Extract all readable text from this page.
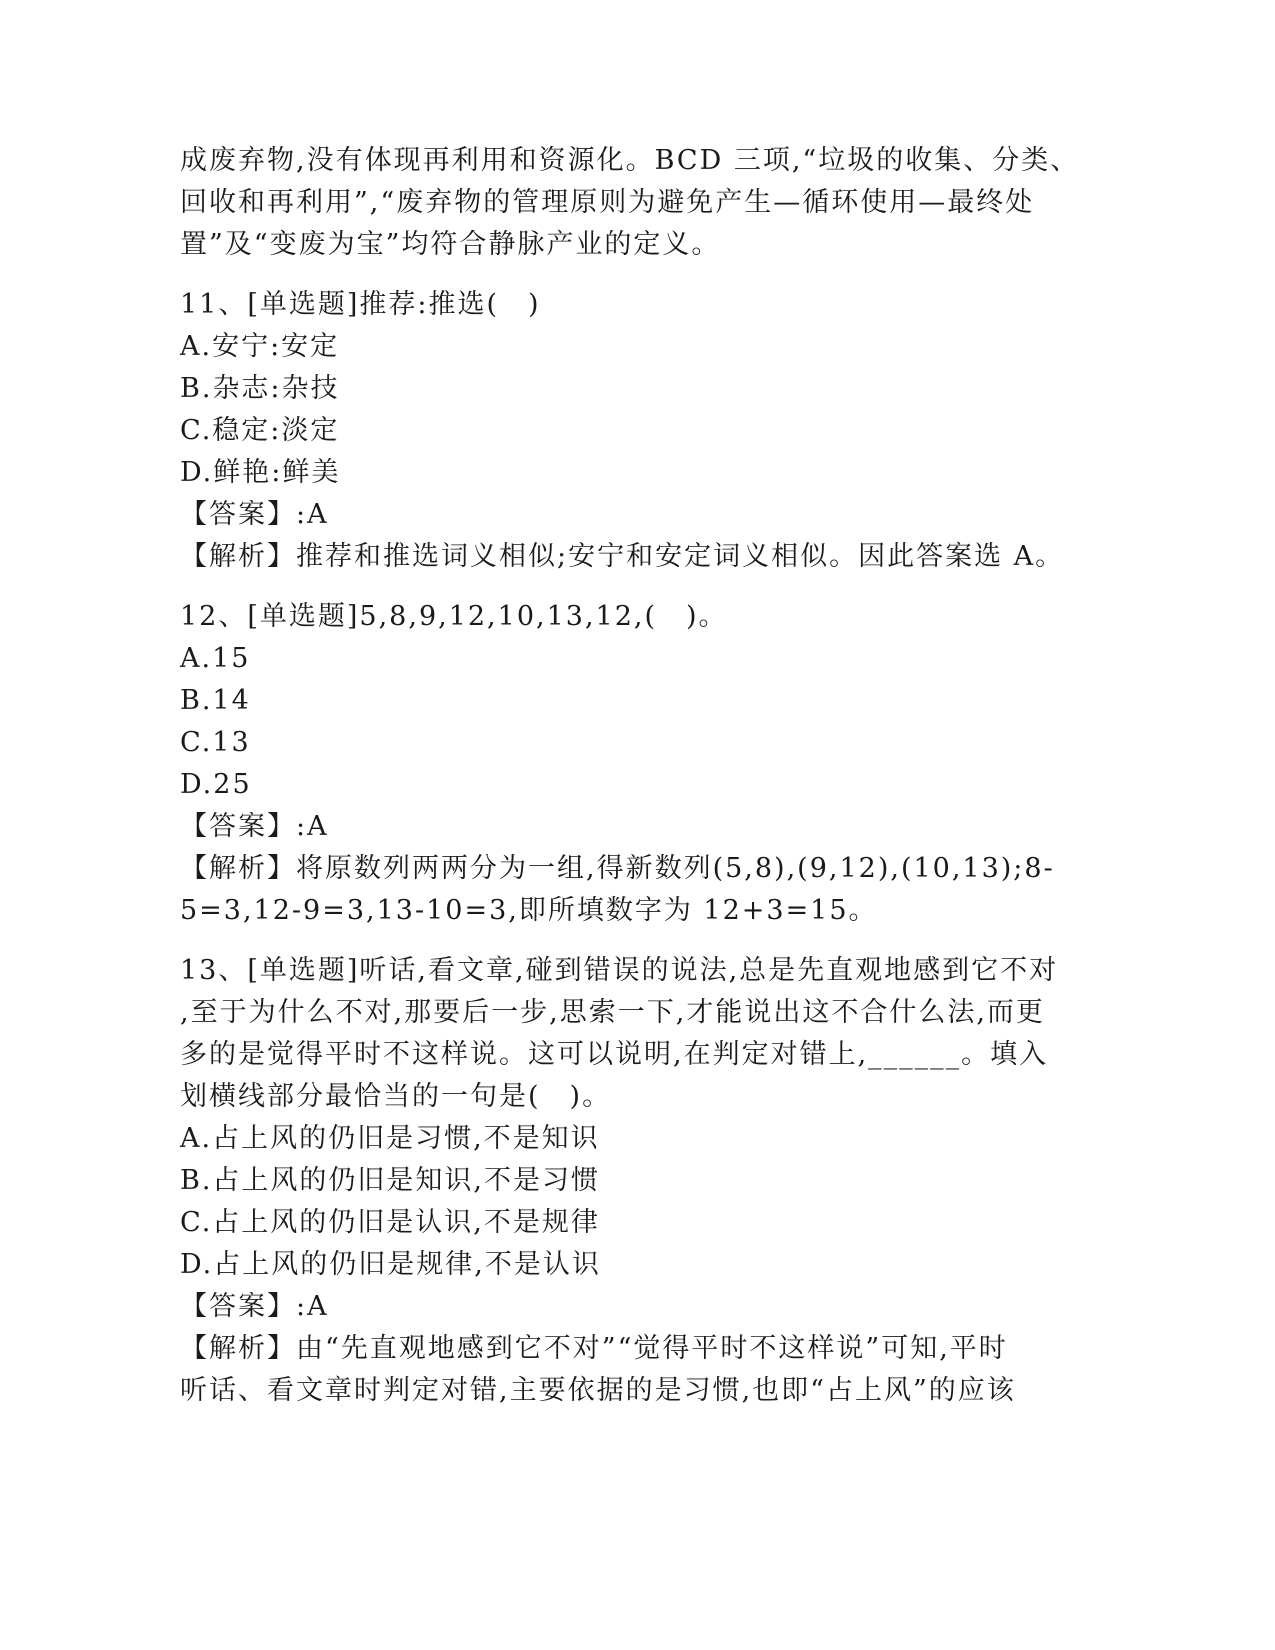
成废弃物,没有体现再利用和资源化。BCD 三项,“垃圾的收集、分类、
回收和再利用”,“废弃物的管理原则为避免产生—循环使用—最终处
置”及“变废为宝”均符合静脉产业的定义。
11、[单选题]推荐:推选(　)
A.安宁:安定
B.杂志:杂技
C.稳定:淡定
D.鲜艳:鲜美
【答案】:A
【解析】推荐和推选词义相似;安宁和安定词义相似。因此答案选 A。
12、[单选题]5,8,9,12,10,13,12,(　)。
A.15
B.14
C.13
D.25
【答案】:A
【解析】将原数列两两分为一组,得新数列(5,8),(9,12),(10,13);8-
5=3,12-9=3,13-10=3,即所填数字为 12+3=15。
13、[单选题]听话,看文章,碰到错误的说法,总是先直观地感到它不对
,至于为什么不对,那要后一步,思索一下,才能说出这不合什么法,而更
多的是觉得平时不这样说。这可以说明,在判定对错上,______。填入
划横线部分最恰当的一句是(　)。
A.占上风的仍旧是习惯,不是知识
B.占上风的仍旧是知识,不是习惯
C.占上风的仍旧是认识,不是规律
D.占上风的仍旧是规律,不是认识
【答案】:A
【解析】由“先直观地感到它不对”“觉得平时不这样说”可知,平时
听话、看文章时判定对错,主要依据的是习惯,也即“占上风”的应该
